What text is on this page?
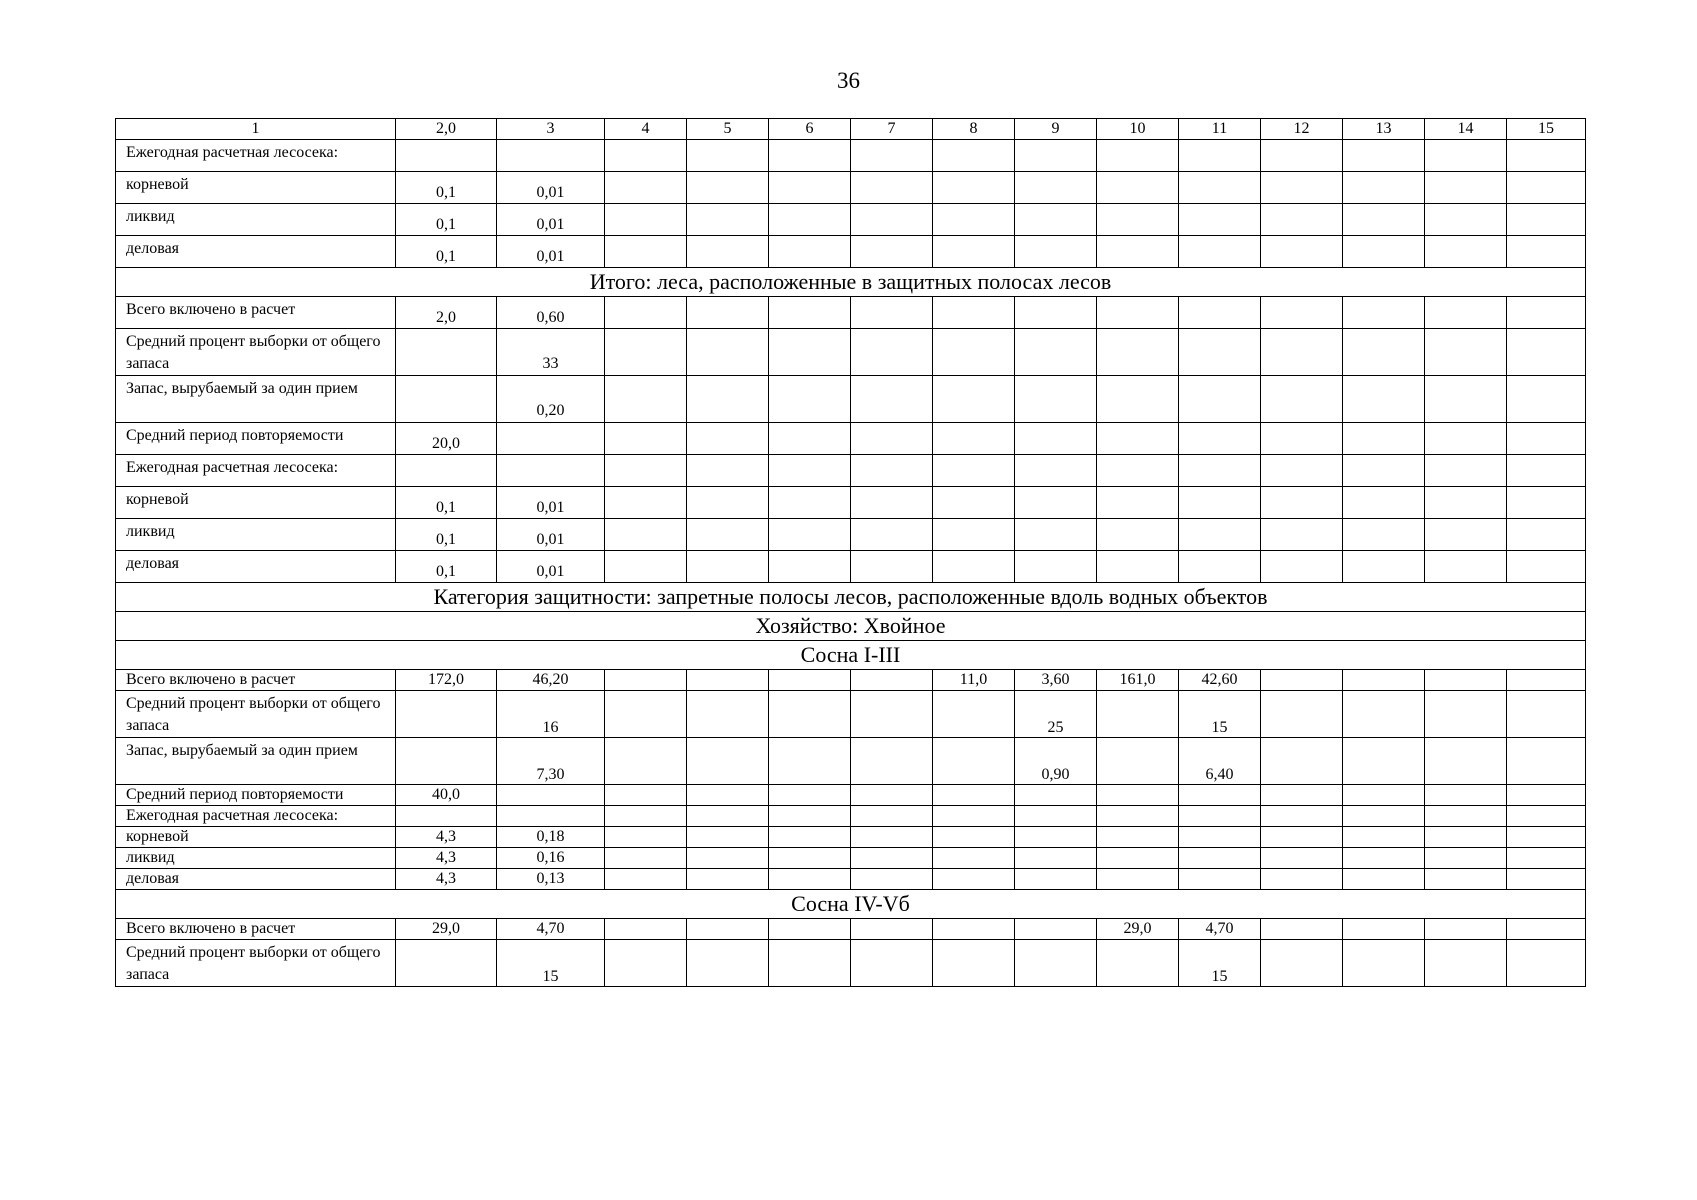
36
1	2,0	3	4	5	6	7	8	9	10	11	12	13	14	15
Ежегодная расчетная лесосека:														
корневой	0,1	0,01												
ликвид	0,1	0,01												
деловая	0,1	0,01												
Итого: леса, расположенные в защитных полосах лесов														
Всего включено в расчет	2,0	0,60												
Средний процент выборки от общего запаса		33												
Запас, вырубаемый за один прием		0,20												
Средний период повторяемости	20,0													
Ежегодная расчетная лесосека:														
корневой	0,1	0,01												
ликвид	0,1	0,01												
деловая	0,1	0,01												
Категория защитности: запретные полосы лесов, расположенные вдоль водных объектов														
Хозяйство: Хвойное														
Сосна I-III														
Всего включено в расчет	172,0	46,20					11,0	3,60	161,0	42,60				
Средний процент выборки от общего запаса		16						25		15				
Запас, вырубаемый за один прием		7,30						0,90		6,40				
Средний период повторяемости	40,0													
Ежегодная расчетная лесосека:														
корневой	4,3	0,18												
ликвид	4,3	0,16												
деловая	4,3	0,13												
Сосна IV-Vб														
Всего включено в расчет	29,0	4,70							29,0	4,70				
Средний процент выборки от общего запаса		15								15				
